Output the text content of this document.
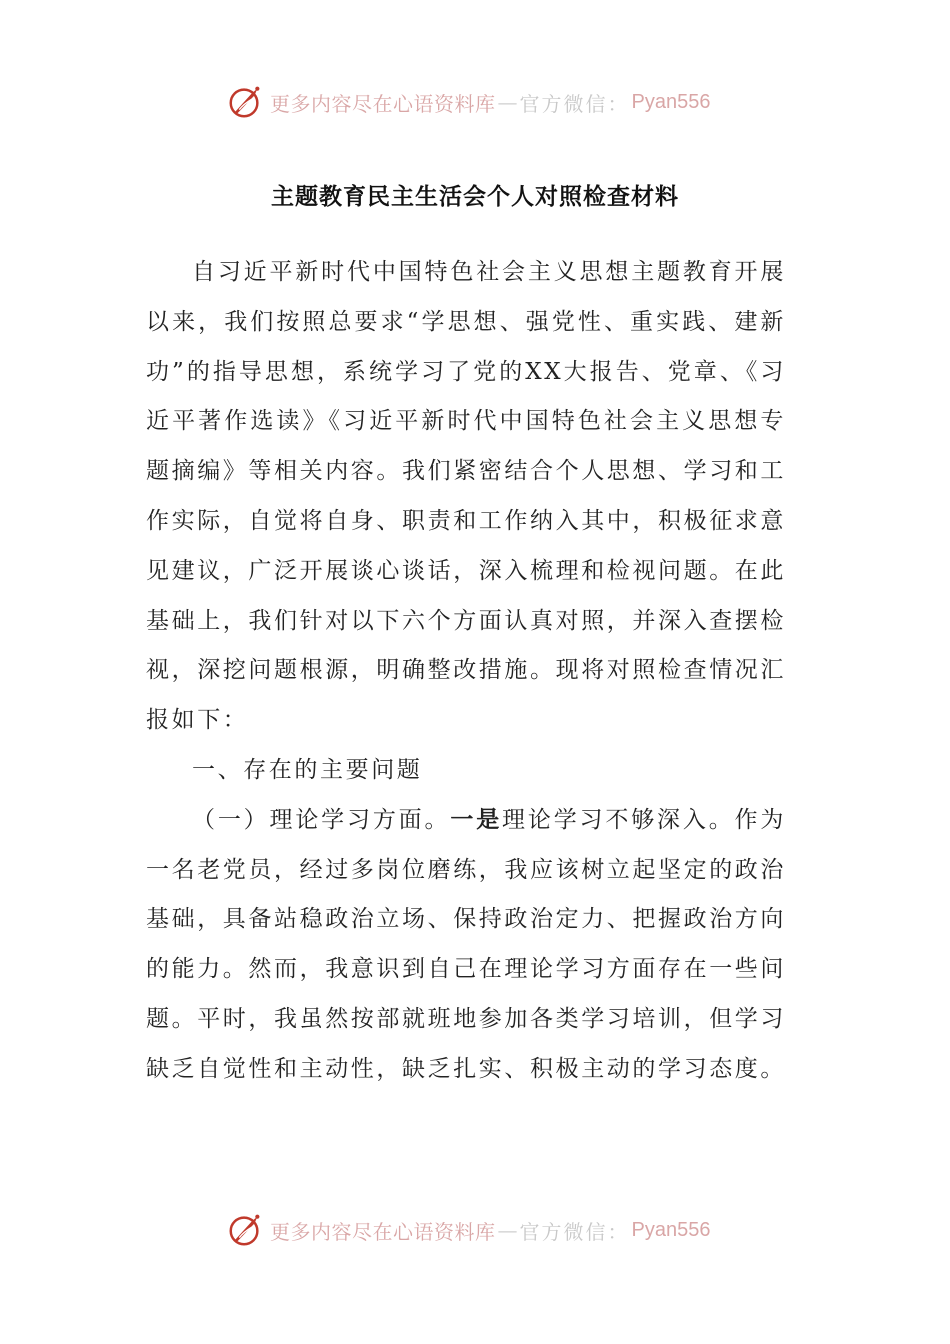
更多内容尽在心语资料库 — 官方微信： Pyan556
主题教育民主生活会个人对照检查材料

自习近平新时代中国特色社会主义思想主题教育开展以来，我们按照总要求“学思想、强党性、重实践、建新功”的指导思想，系统学习了党的XX大报告、党章、《习近平著作选读》《习近平新时代中国特色社会主义思想专题摘编》等相关内容。我们紧密结合个人思想、学习和工作实际，自觉将自身、职责和工作纳入其中，积极征求意见建议，广泛开展谈心谈话，深入梳理和检视问题。在此基础上，我们针对以下六个方面认真对照，并深入查摆检视，深挖问题根源，明确整改措施。现将对照检查情况汇报如下：

一、存在的主要问题

（一）理论学习方面。一是理论学习不够深入。作为一名老党员，经过多岗位磨练，我应该树立起坚定的政治基础，具备站稳政治立场、保持政治定力、把握政治方向的能力。然而，我意识到自己在理论学习方面存在一些问题。平时，我虽然按部就班地参加各类学习培训，但学习缺乏自觉性和主动性，缺乏扎实、积极主动的学习态度。

更多内容尽在心语资料库 — 官方微信： Pyan556
